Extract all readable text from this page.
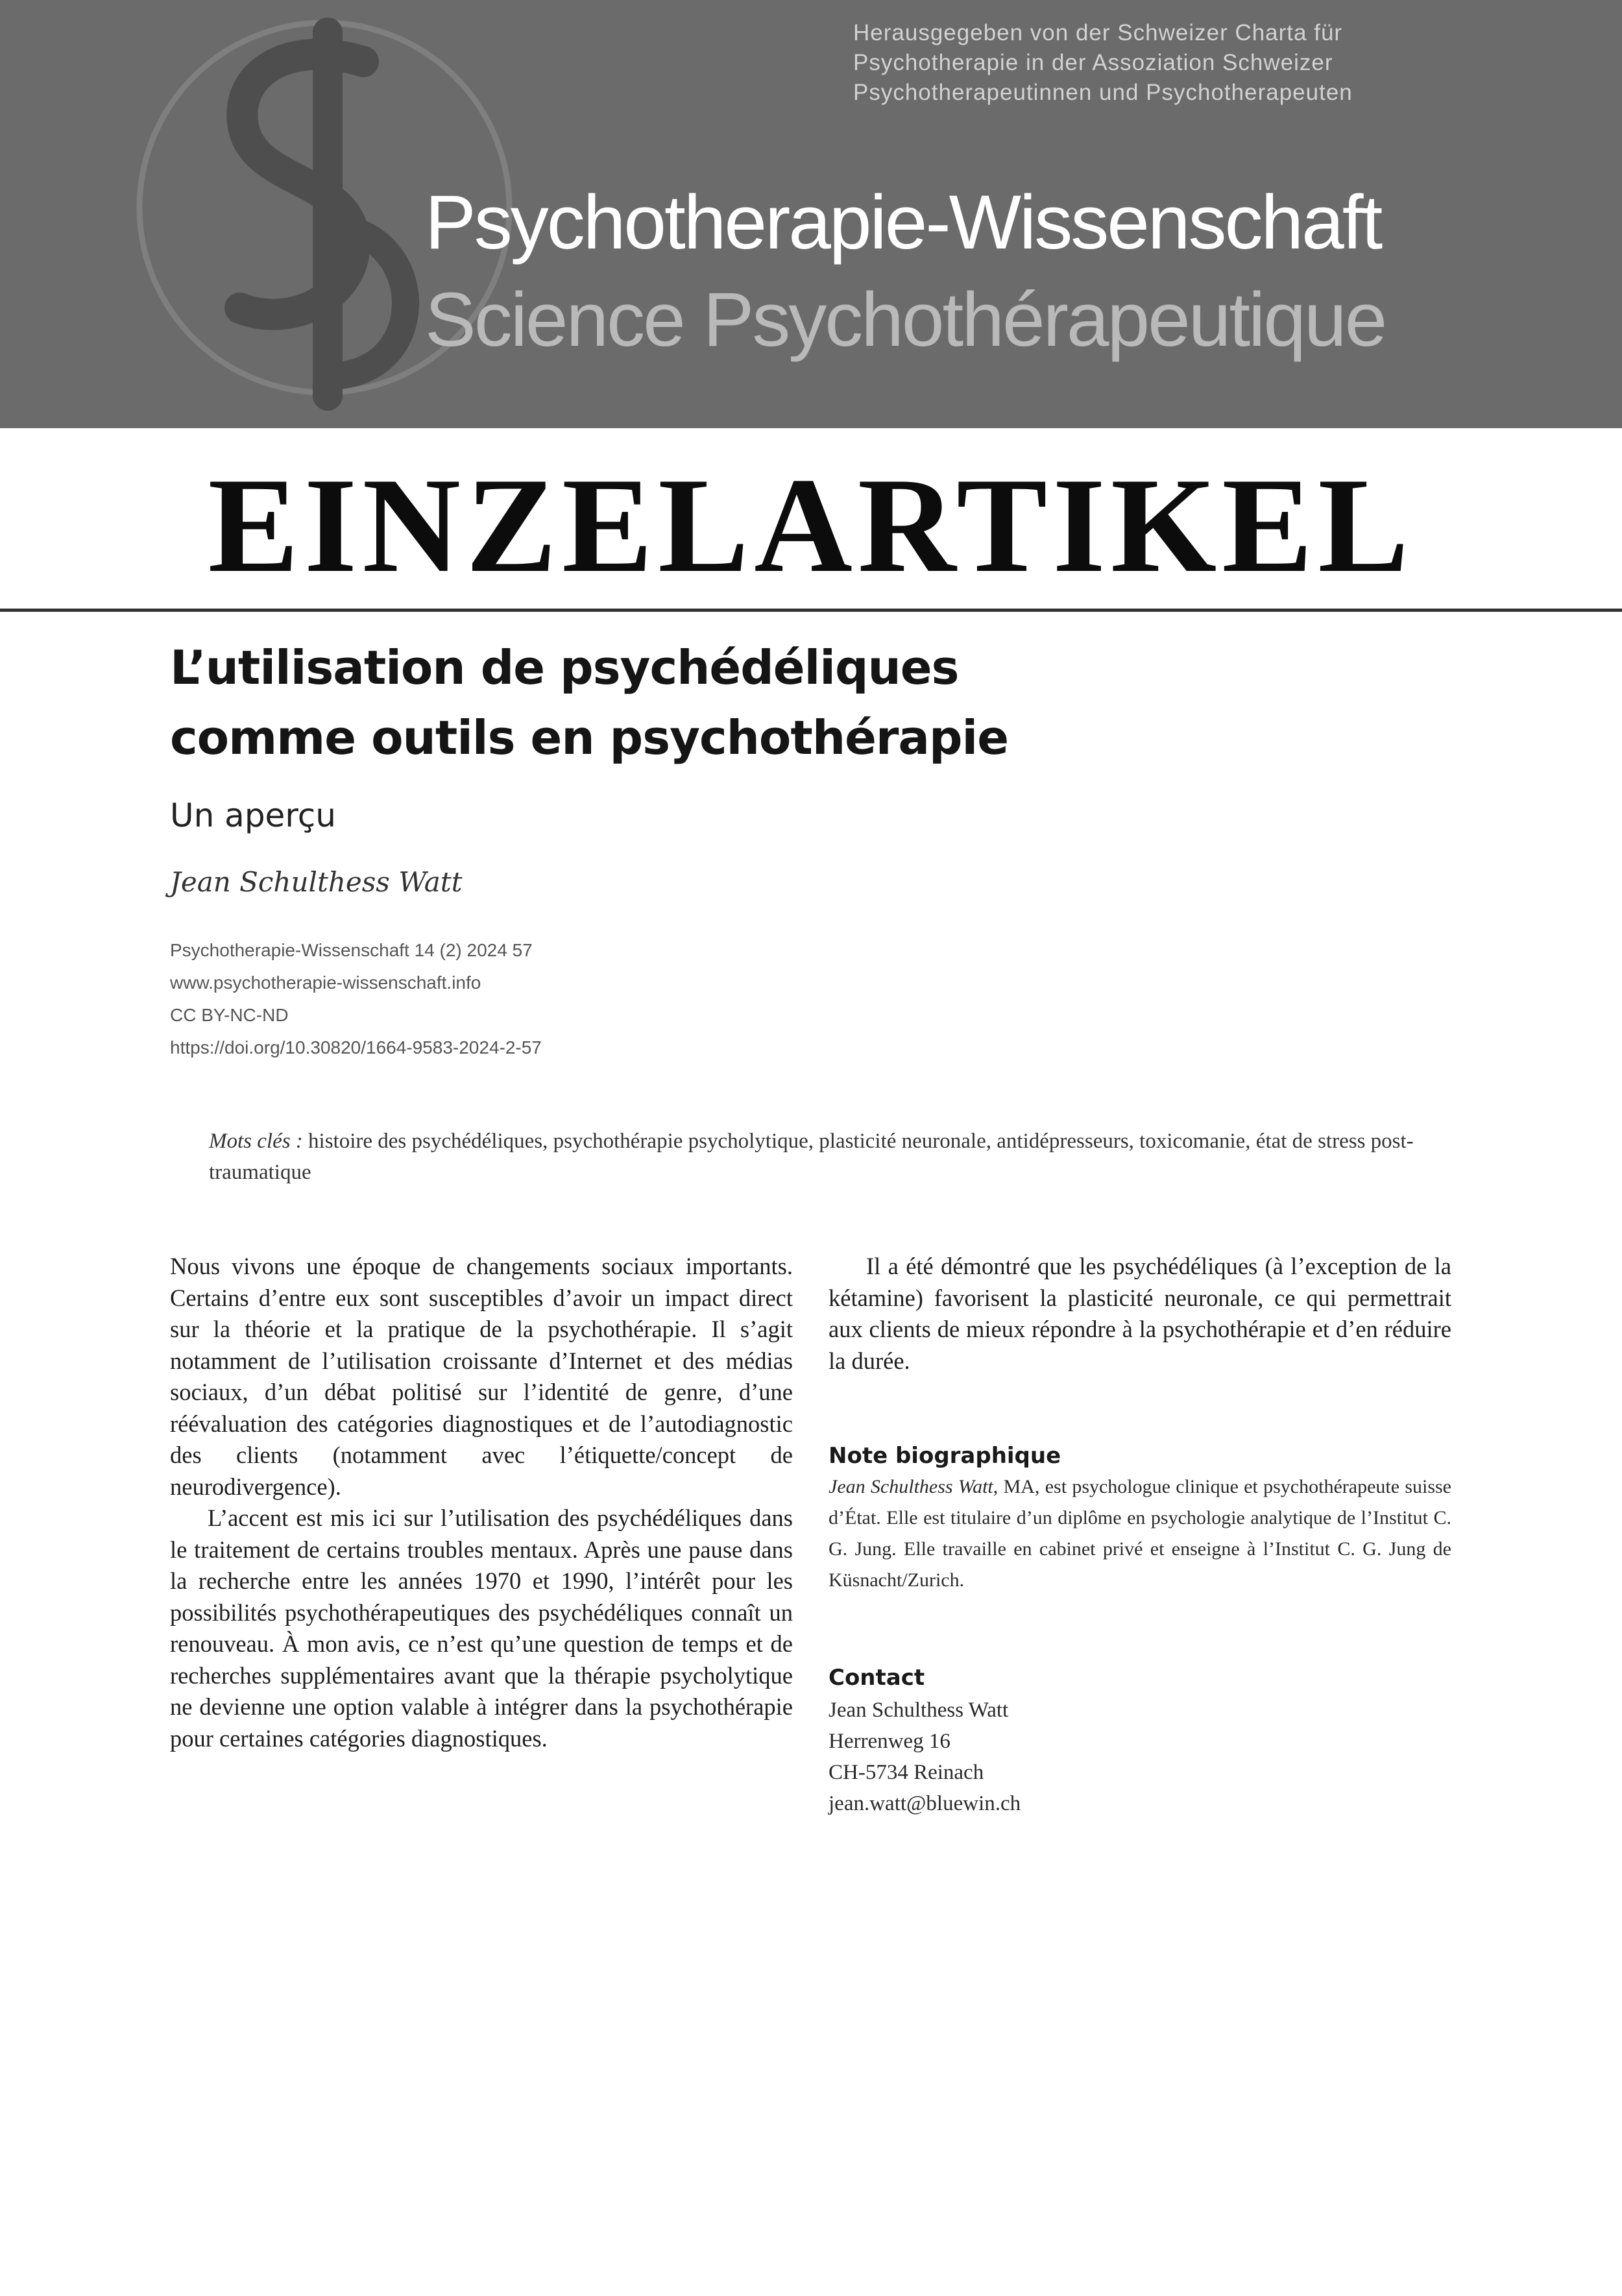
Herausgegeben von der Schweizer Charta für
Psychotherapie in der Assoziation Schweizer
Psychotherapeutinnen und Psychotherapeuten
Psychotherapie-Wissenschaft
Science Psychothérapeutique
EINZELARTIKEL
L’utilisation de psychédéliques
comme outils en psychothérapie
Un aperçu
Jean Schulthess Watt
Psychotherapie-Wissenschaft 14 (2) 2024 57
www.psychotherapie-wissenschaft.info
CC BY-NC-ND
https://doi.org/10.30820/1664-9583-2024-2-57
Mots clés : histoire des psychédéliques, psychothérapie psycholytique, plasticité neuronale, antidépresseurs, toxicomanie, état de stress post-traumatique

Nous vivons une époque de changements sociaux importants. Certains d’entre eux sont susceptibles d’avoir un impact direct sur la théorie et la pratique de la psychothérapie. Il s’agit notamment de l’utilisation croissante d’Internet et des médias sociaux, d’un débat politisé sur l’identité de genre, d’une réévaluation des catégories diagnostiques et de l’autodiagnostic des clients (notamment avec l’étiquette/concept de neurodivergence).

L’accent est mis ici sur l’utilisation des psychédéliques dans le traitement de certains troubles mentaux. Après une pause dans la recherche entre les années 1970 et 1990, l’intérêt pour les possibilités psychothérapeutiques des psychédéliques connaît un renouveau. À mon avis, ce n’est qu’une question de temps et de recherches supplémentaires avant que la thérapie psycholytique ne devienne une option valable à intégrer dans la psychothérapie pour certaines catégories diagnostiques.

Il a été démontré que les psychédéliques (à l’exception de la kétamine) favorisent la plasticité neuronale, ce qui permettrait aux clients de mieux répondre à la psychothérapie et d’en réduire la durée.

Note biographique
Jean Schulthess Watt, MA, est psychologue clinique et psychothérapeute suisse d’État. Elle est titulaire d’un diplôme en psychologie analytique de l’Institut C. G. Jung. Elle travaille en cabinet privé et enseigne à l’Institut C. G. Jung de Küsnacht/Zurich.
Contact
Jean Schulthess Watt
Herrenweg 16
CH-5734 Reinach
jean.watt@bluewin.ch
